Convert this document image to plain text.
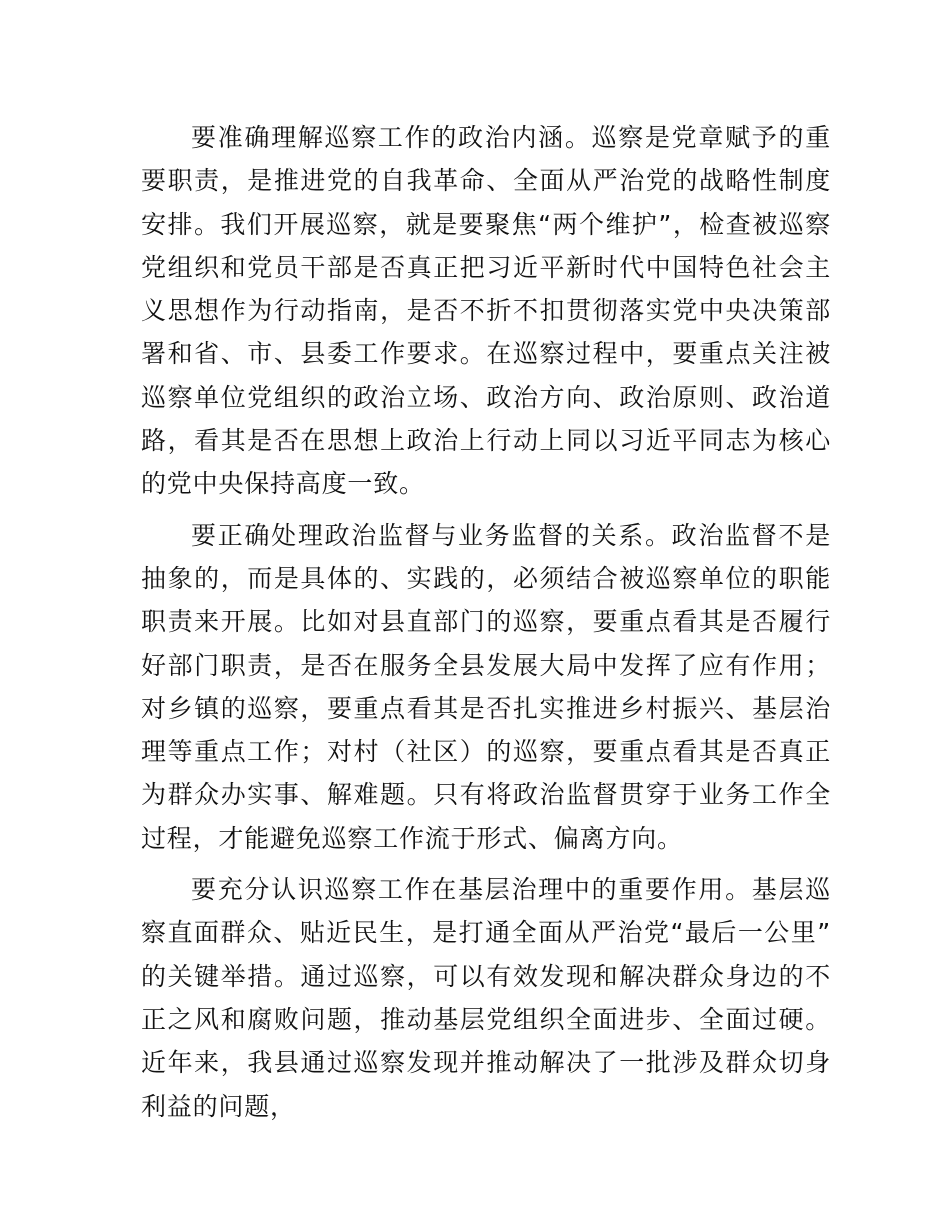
要准确理解巡察工作的政治内涵。巡察是党章赋予的重要职责，是推进党的自我革命、全面从严治党的战略性制度安排。我们开展巡察，就是要聚焦“两个维护”，检查被巡察党组织和党员干部是否真正把习近平新时代中国特色社会主义思想作为行动指南，是否不折不扣贯彻落实党中央决策部署和省、市、县委工作要求。在巡察过程中，要重点关注被巡察单位党组织的政治立场、政治方向、政治原则、政治道路，看其是否在思想上政治上行动上同以习近平同志为核心的党中央保持高度一致。

要正确处理政治监督与业务监督的关系。政治监督不是抽象的，而是具体的、实践的，必须结合被巡察单位的职能职责来开展。比如对县直部门的巡察，要重点看其是否履行好部门职责，是否在服务全县发展大局中发挥了应有作用；对乡镇的巡察，要重点看其是否扎实推进乡村振兴、基层治理等重点工作；对村（社区）的巡察，要重点看其是否真正为群众办实事、解难题。只有将政治监督贯穿于业务工作全过程，才能避免巡察工作流于形式、偏离方向。

要充分认识巡察工作在基层治理中的重要作用。基层巡察直面群众、贴近民生，是打通全面从严治党“最后一公里”的关键举措。通过巡察，可以有效发现和解决群众身边的不正之风和腐败问题，推动基层党组织全面进步、全面过硬。近年来，我县通过巡察发现并推动解决了一批涉及群众切身利益的问题，
